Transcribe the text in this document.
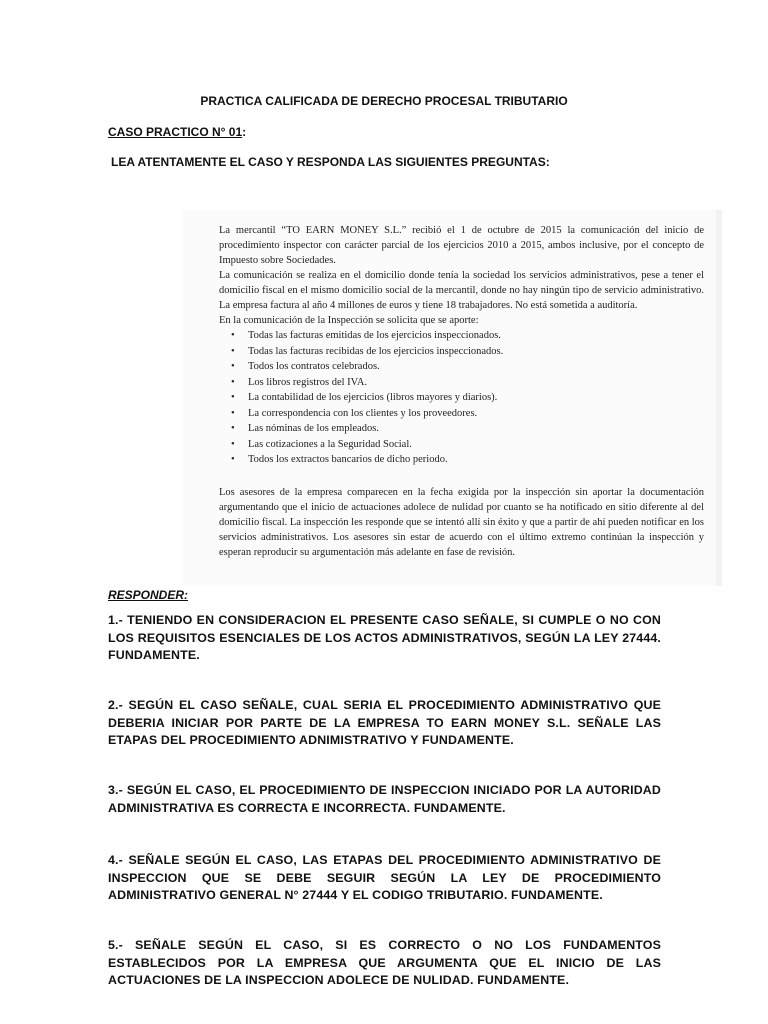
PRACTICA CALIFICADA DE DERECHO PROCESAL TRIBUTARIO
CASO PRACTICO N° 01:
LEA ATENTAMENTE EL CASO Y RESPONDA LAS SIGUIENTES PREGUNTAS:

La mercantil “TO EARN MONEY S.L.” recibió el 1 de octubre de 2015 la comunicación del inicio de procedimiento inspector con carácter parcial de los ejercicios 2010 a 2015, ambos inclusive, por el concepto de Impuesto sobre Sociedades.

La comunicación se realiza en el domicilio donde tenía la sociedad los servicios administrativos, pese a tener el domicilio fiscal en el mismo domicilio social de la mercantil, donde no hay ningún tipo de servicio administrativo. La empresa factura al año 4 millones de euros y tiene 18 trabajadores. No está sometida a auditoría.

En la comunicación de la Inspección se solicita que se aporte:

• Todas las facturas emitidas de los ejercicios inspeccionados.
• Todas las facturas recibidas de los ejercicios inspeccionados.
• Todos los contratos celebrados.
• Los libros registros del IVA.
• La contabilidad de los ejercicios (libros mayores y diarios).
• La correspondencia con los clientes y los proveedores.
• Las nóminas de los empleados.
• Las cotizaciones a la Seguridad Social.
• Todos los extractos bancarios de dicho periodo.

Los asesores de la empresa comparecen en la fecha exigida por la inspección sin aportar la documentación argumentando que el inicio de actuaciones adolece de nulidad por cuanto se ha notificado en sitio diferente al del domicilio fiscal. La inspección les responde que se intentó allí sin éxito y que a partir de ahí pueden notificar en los servicios administrativos. Los asesores sin estar de acuerdo con el último extremo continúan la inspección y esperan reproducir su argumentación más adelante en fase de revisión.

RESPONDER:
1.- TENIENDO EN CONSIDERACION EL PRESENTE CASO SEÑALE, SI CUMPLE O NO CON LOS REQUISITOS ESENCIALES DE LOS ACTOS ADMINISTRATIVOS, SEGÚN LA LEY 27444. FUNDAMENTE.
2.- SEGÚN EL CASO SEÑALE, CUAL SERIA EL PROCEDIMIENTO ADMINISTRATIVO QUE DEBERIA INICIAR POR PARTE DE LA EMPRESA TO EARN MONEY S.L. SEÑALE LAS ETAPAS DEL PROCEDIMIENTO ADNIMISTRATIVO Y FUNDAMENTE.
3.- SEGÚN EL CASO, EL PROCEDIMIENTO DE INSPECCION INICIADO POR LA AUTORIDAD ADMINISTRATIVA ES CORRECTA E INCORRECTA. FUNDAMENTE.
4.- SEÑALE SEGÚN EL CASO, LAS ETAPAS DEL PROCEDIMIENTO ADMINISTRATIVO DE INSPECCION QUE SE DEBE SEGUIR SEGÚN LA LEY DE PROCEDIMIENTO ADMINISTRATIVO GENERAL N° 27444 Y EL CODIGO TRIBUTARIO. FUNDAMENTE.
5.- SEÑALE SEGÚN EL CASO, SI ES CORRECTO O NO LOS FUNDAMENTOS ESTABLECIDOS POR LA EMPRESA QUE ARGUMENTA QUE EL INICIO DE LAS ACTUACIONES DE LA INSPECCION ADOLECE DE NULIDAD. FUNDAMENTE.
